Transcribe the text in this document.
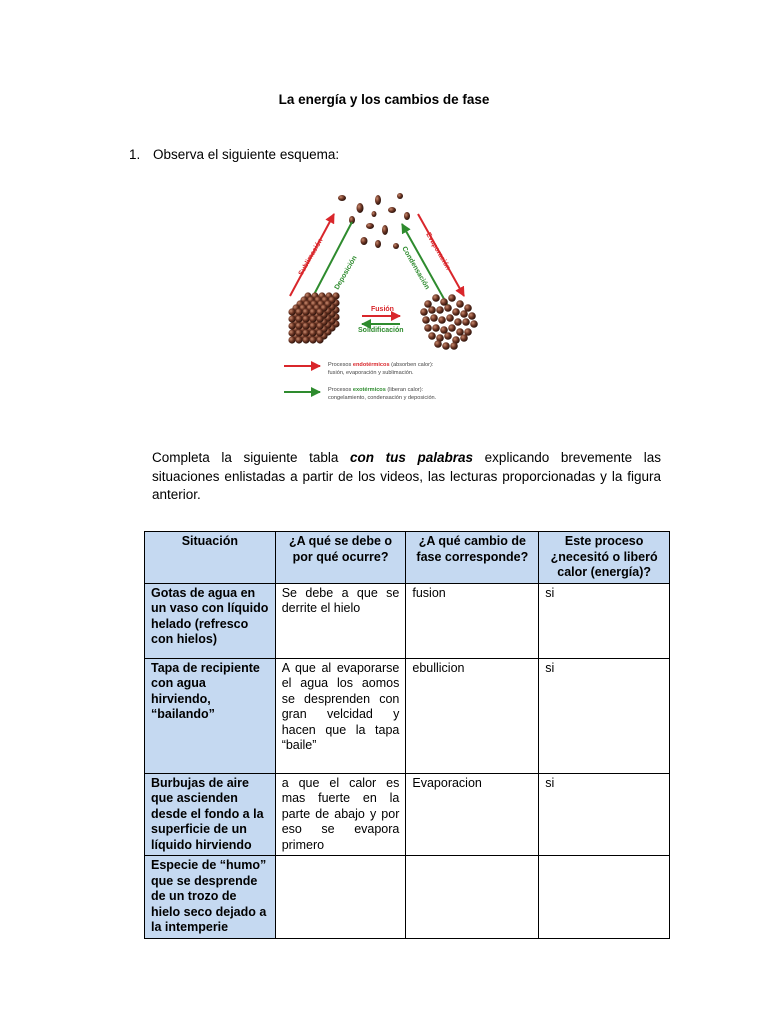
La energía y los cambios de fase
1. Observa el siguiente esquema:
Sublimación Deposición
Evaporación
Condensación
Fusión
Solidificación
Procesos endotérmicos (absorben calor):
fusión, evaporación y sublimación.
Procesos exotérmicos (liberan calor):
congelamiento, condensación y deposición.
Completa la siguiente tabla con tus palabras explicando brevemente las situaciones enlistadas a partir de los videos, las lecturas proporcionadas y la figura anterior.
Situación	¿A qué se debe o por qué ocurre?	¿A qué cambio de fase corresponde?	Este proceso ¿necesitó o liberó calor (energía)?
Gotas de agua en un vaso con líquido helado (refresco con hielos)	Se debe a que se derrite el hielo	fusion	si
Tapa de recipiente con agua hirviendo, “bailando”	A que al evaporarse el agua los aomos se desprenden con gran velcidad y hacen que la tapa “baile”	ebullicion	si
Burbujas de aire que ascienden desde el fondo a la superficie de un líquido hirviendo	a que el calor es mas fuerte en la parte de abajo y por eso se evapora primero	Evaporacion	si
Especie de “humo” que se desprende de un trozo de hielo seco dejado a la intemperie			
